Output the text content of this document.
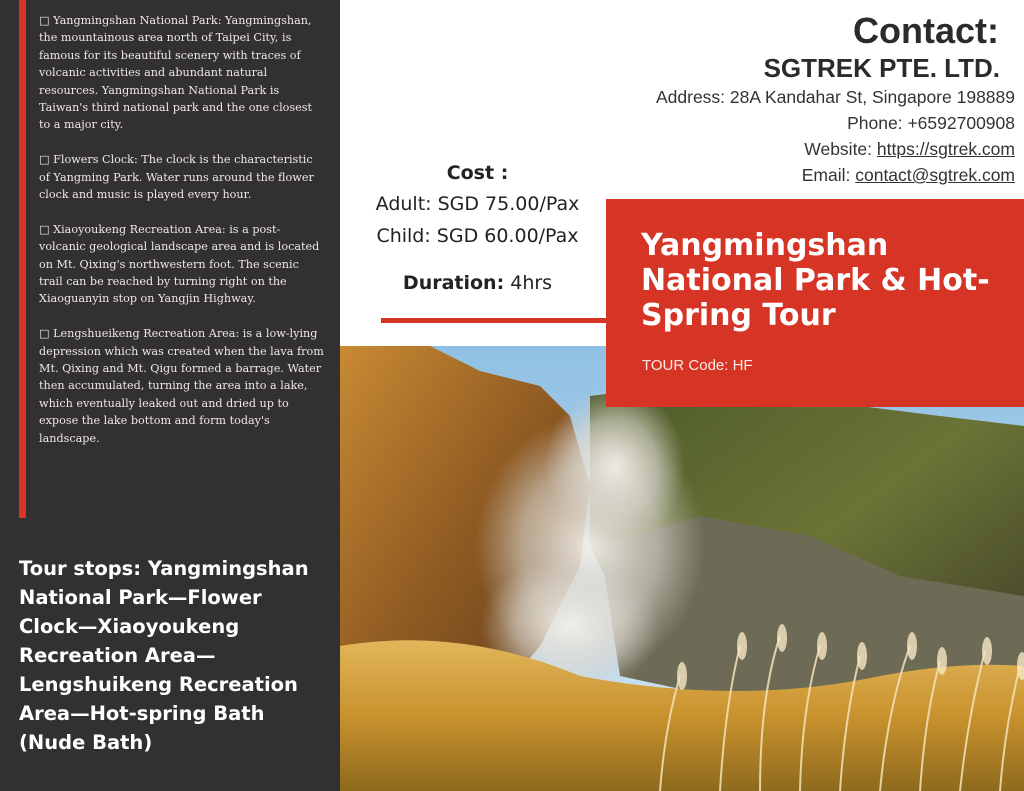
□ Yangmingshan National Park: Yangmingshan, the mountainous area north of Taipei City, is famous for its beautiful scenery with traces of volcanic activities and abundant natural resources. Yangmingshan National Park is Taiwan's third national park and the one closest to a major city.

□ Flowers Clock: The clock is the characteristic of Yangming Park. Water runs around the flower clock and music is played every hour.

□ Xiaoyoukeng Recreation Area: is a post-volcanic geological landscape area and is located on Mt. Qixing's northwestern foot. The scenic trail can be reached by turning right on the Xiaoguanyin stop on Yangjin Highway.

□ Lengshueikeng Recreation Area: is a low-lying depression which was created when the lava from Mt. Qixing and Mt. Qigu formed a barrage. Water then accumulated, turning the area into a lake, which eventually leaked out and dried up to expose the lake bottom and form today's landscape.

Tour stops: Yangmingshan National Park—Flower Clock—Xiaoyoukeng Recreation Area—Lengshuikeng Recreation Area—Hot-spring Bath (Nude Bath)
Contact:
SGTREK PTE. LTD.
Address: 28A Kandahar St, Singapore 198889
Phone: +6592700908
Website: https://sgtrek.com
Email: contact@sgtrek.com
Cost :
Adult: SGD 75.00/Pax
Child: SGD 60.00/Pax
Duration: 4hrs
Yangmingshan National Park & Hot-Spring Tour
TOUR Code: HF
